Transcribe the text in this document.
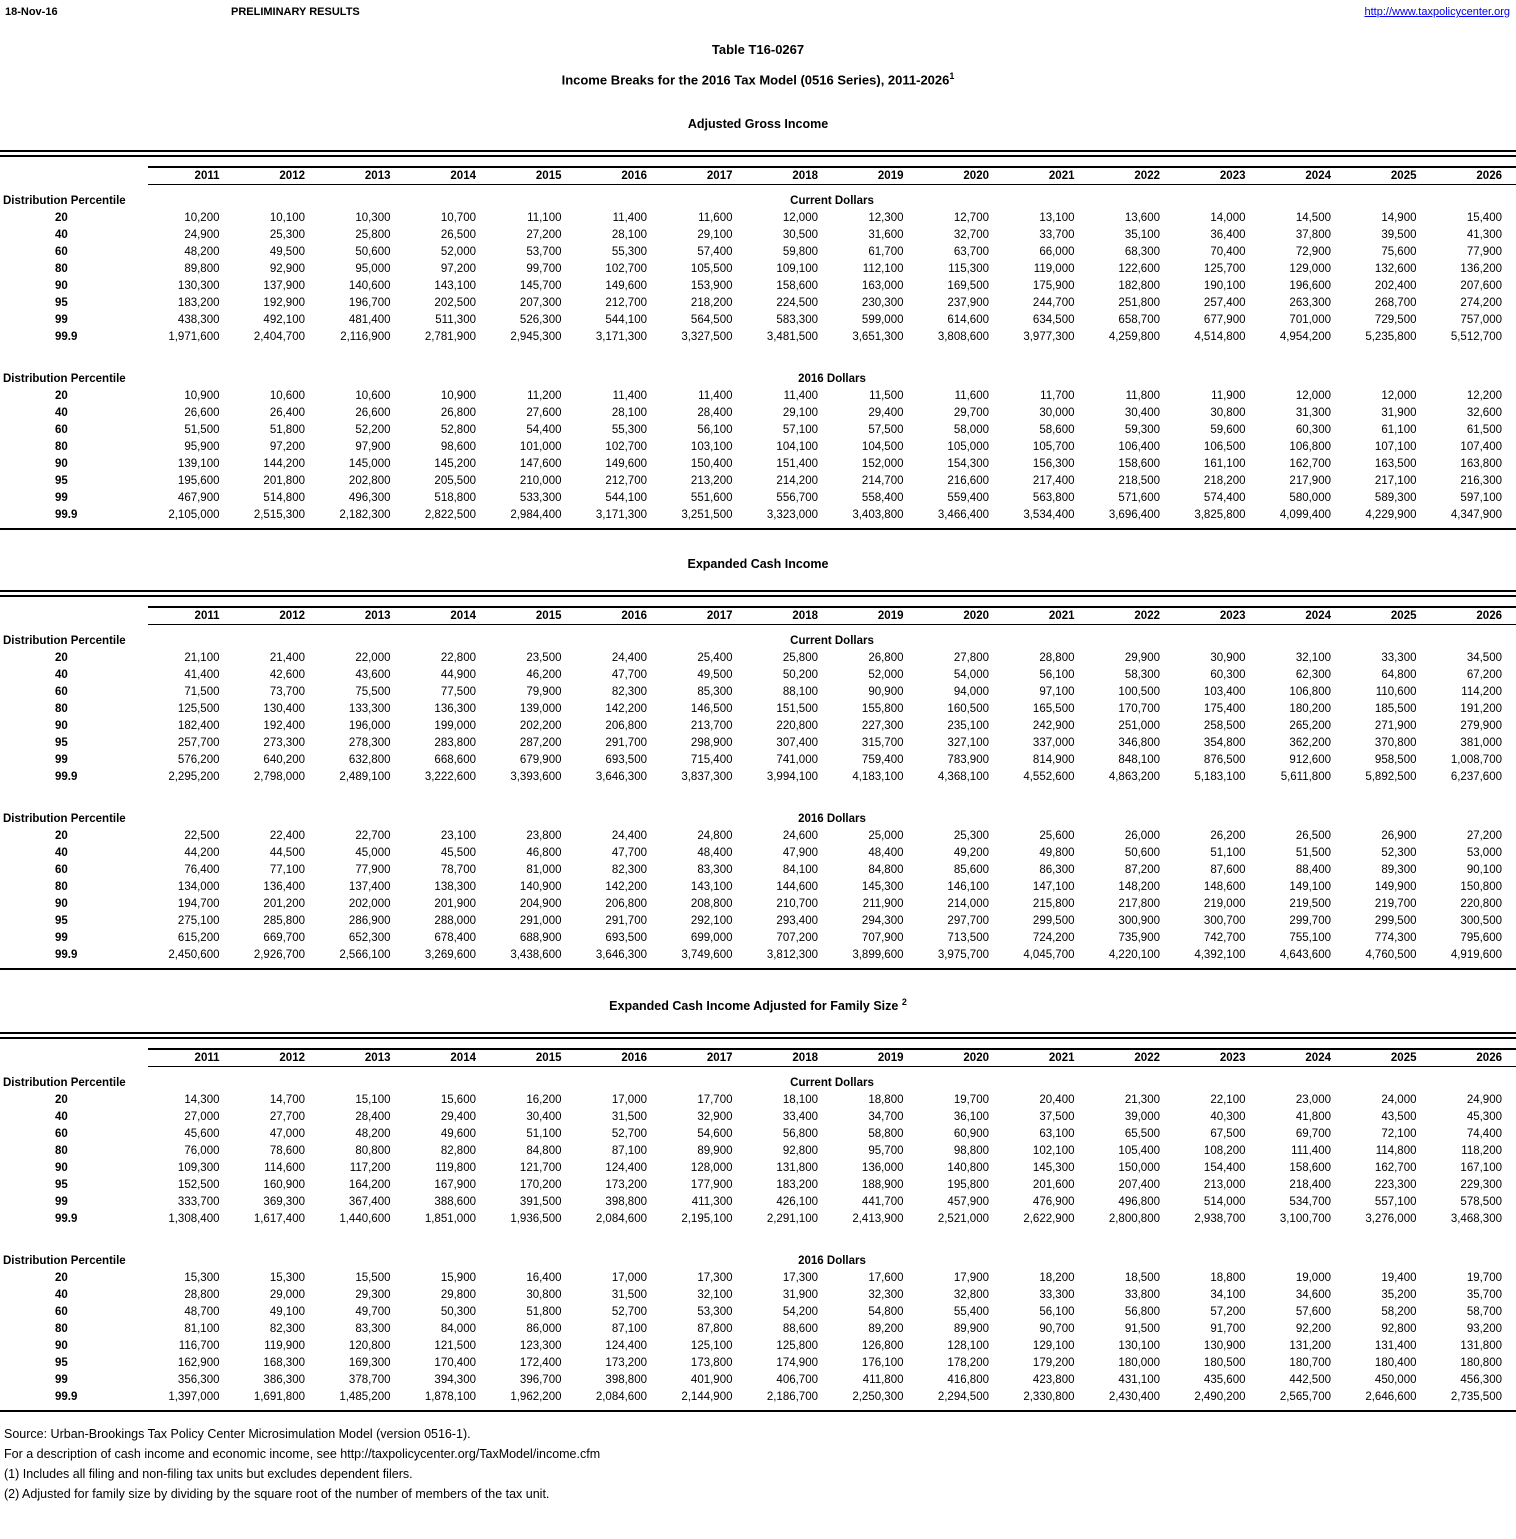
18-Nov-16	PRELIMINARY RESULTS	http://www.taxpolicycenter.org
Table T16-0267
Income Breaks for the 2016 Tax Model (0516 Series), 2011-2026$^1$
Adjusted Gross Income
	2011	2012	2013	2014	2015	2016	2017	2018	2019	2020	2021	2022	2023	2024	2025	2026
Distribution Percentile	Current Dollars															
20	10,200	10,100	10,300	10,700	11,100	11,400	11,600	12,000	12,300	12,700	13,100	13,600	14,000	14,500	14,900	15,400
40	24,900	25,300	25,800	26,500	27,200	28,100	29,100	30,500	31,600	32,700	33,700	35,100	36,400	37,800	39,500	41,300
60	48,200	49,500	50,600	52,000	53,700	55,300	57,400	59,800	61,700	63,700	66,000	68,300	70,400	72,900	75,600	77,900
80	89,800	92,900	95,000	97,200	99,700	102,700	105,500	109,100	112,100	115,300	119,000	122,600	125,700	129,000	132,600	136,200
90	130,300	137,900	140,600	143,100	145,700	149,600	153,900	158,600	163,000	169,500	175,900	182,800	190,100	196,600	202,400	207,600
95	183,200	192,900	196,700	202,500	207,300	212,700	218,200	224,500	230,300	237,900	244,700	251,800	257,400	263,300	268,700	274,200
99	438,300	492,100	481,400	511,300	526,300	544,100	564,500	583,300	599,000	614,600	634,500	658,700	677,900	701,000	729,500	757,000
99.9	1,971,600	2,404,700	2,116,900	2,781,900	2,945,300	3,171,300	3,327,500	3,481,500	3,651,300	3,808,600	3,977,300	4,259,800	4,514,800	4,954,200	5,235,800	5,512,700
Distribution Percentile	2016 Dollars															
20	10,900	10,600	10,600	10,900	11,200	11,400	11,400	11,400	11,500	11,600	11,700	11,800	11,900	12,000	12,000	12,200
40	26,600	26,400	26,600	26,800	27,600	28,100	28,400	29,100	29,400	29,700	30,000	30,400	30,800	31,300	31,900	32,600
60	51,500	51,800	52,200	52,800	54,400	55,300	56,100	57,100	57,500	58,000	58,600	59,300	59,600	60,300	61,100	61,500
80	95,900	97,200	97,900	98,600	101,000	102,700	103,100	104,100	104,500	105,000	105,700	106,400	106,500	106,800	107,100	107,400
90	139,100	144,200	145,000	145,200	147,600	149,600	150,400	151,400	152,000	154,300	156,300	158,600	161,100	162,700	163,500	163,800
95	195,600	201,800	202,800	205,500	210,000	212,700	213,200	214,200	214,700	216,600	217,400	218,500	218,200	217,900	217,100	216,300
99	467,900	514,800	496,300	518,800	533,300	544,100	551,600	556,700	558,400	559,400	563,800	571,600	574,400	580,000	589,300	597,100
99.9	2,105,000	2,515,300	2,182,300	2,822,500	2,984,400	3,171,300	3,251,500	3,323,000	3,403,800	3,466,400	3,534,400	3,696,400	3,825,800	4,099,400	4,229,900	4,347,900
Expanded Cash Income
	2011	2012	2013	2014	2015	2016	2017	2018	2019	2020	2021	2022	2023	2024	2025	2026
Distribution Percentile	Current Dollars															
20	21,100	21,400	22,000	22,800	23,500	24,400	25,400	25,800	26,800	27,800	28,800	29,900	30,900	32,100	33,300	34,500
40	41,400	42,600	43,600	44,900	46,200	47,700	49,500	50,200	52,000	54,000	56,100	58,300	60,300	62,300	64,800	67,200
60	71,500	73,700	75,500	77,500	79,900	82,300	85,300	88,100	90,900	94,000	97,100	100,500	103,400	106,800	110,600	114,200
80	125,500	130,400	133,300	136,300	139,000	142,200	146,500	151,500	155,800	160,500	165,500	170,700	175,400	180,200	185,500	191,200
90	182,400	192,400	196,000	199,000	202,200	206,800	213,700	220,800	227,300	235,100	242,900	251,000	258,500	265,200	271,900	279,900
95	257,700	273,300	278,300	283,800	287,200	291,700	298,900	307,400	315,700	327,100	337,000	346,800	354,800	362,200	370,800	381,000
99	576,200	640,200	632,800	668,600	679,900	693,500	715,400	741,000	759,400	783,900	814,900	848,100	876,500	912,600	958,500	1,008,700
99.9	2,295,200	2,798,000	2,489,100	3,222,600	3,393,600	3,646,300	3,837,300	3,994,100	4,183,100	4,368,100	4,552,600	4,863,200	5,183,100	5,611,800	5,892,500	6,237,600
Distribution Percentile	2016 Dollars															
20	22,500	22,400	22,700	23,100	23,800	24,400	24,800	24,600	25,000	25,300	25,600	26,000	26,200	26,500	26,900	27,200
40	44,200	44,500	45,000	45,500	46,800	47,700	48,400	47,900	48,400	49,200	49,800	50,600	51,100	51,500	52,300	53,000
60	76,400	77,100	77,900	78,700	81,000	82,300	83,300	84,100	84,800	85,600	86,300	87,200	87,600	88,400	89,300	90,100
80	134,000	136,400	137,400	138,300	140,900	142,200	143,100	144,600	145,300	146,100	147,100	148,200	148,600	149,100	149,900	150,800
90	194,700	201,200	202,000	201,900	204,900	206,800	208,800	210,700	211,900	214,000	215,800	217,800	219,000	219,500	219,700	220,800
95	275,100	285,800	286,900	288,000	291,000	291,700	292,100	293,400	294,300	297,700	299,500	300,900	300,700	299,700	299,500	300,500
99	615,200	669,700	652,300	678,400	688,900	693,500	699,000	707,200	707,900	713,500	724,200	735,900	742,700	755,100	774,300	795,600
99.9	2,450,600	2,926,700	2,566,100	3,269,600	3,438,600	3,646,300	3,749,600	3,812,300	3,899,600	3,975,700	4,045,700	4,220,100	4,392,100	4,643,600	4,760,500	4,919,600
Expanded Cash Income Adjusted for Family Size $^2$
	2011	2012	2013	2014	2015	2016	2017	2018	2019	2020	2021	2022	2023	2024	2025	2026
Distribution Percentile	Current Dollars															
20	14,300	14,700	15,100	15,600	16,200	17,000	17,700	18,100	18,800	19,700	20,400	21,300	22,100	23,000	24,000	24,900
40	27,000	27,700	28,400	29,400	30,400	31,500	32,900	33,400	34,700	36,100	37,500	39,000	40,300	41,800	43,500	45,300
60	45,600	47,000	48,200	49,600	51,100	52,700	54,600	56,800	58,800	60,900	63,100	65,500	67,500	69,700	72,100	74,400
80	76,000	78,600	80,800	82,800	84,800	87,100	89,900	92,800	95,700	98,800	102,100	105,400	108,200	111,400	114,800	118,200
90	109,300	114,600	117,200	119,800	121,700	124,400	128,000	131,800	136,000	140,800	145,300	150,000	154,400	158,600	162,700	167,100
95	152,500	160,900	164,200	167,900	170,200	173,200	177,900	183,200	188,900	195,800	201,600	207,400	213,000	218,400	223,300	229,300
99	333,700	369,300	367,400	388,600	391,500	398,800	411,300	426,100	441,700	457,900	476,900	496,800	514,000	534,700	557,100	578,500
99.9	1,308,400	1,617,400	1,440,600	1,851,000	1,936,500	2,084,600	2,195,100	2,291,100	2,413,900	2,521,000	2,622,900	2,800,800	2,938,700	3,100,700	3,276,000	3,468,300
Distribution Percentile	2016 Dollars															
20	15,300	15,300	15,500	15,900	16,400	17,000	17,300	17,300	17,600	17,900	18,200	18,500	18,800	19,000	19,400	19,700
40	28,800	29,000	29,300	29,800	30,800	31,500	32,100	31,900	32,300	32,800	33,300	33,800	34,100	34,600	35,200	35,700
60	48,700	49,100	49,700	50,300	51,800	52,700	53,300	54,200	54,800	55,400	56,100	56,800	57,200	57,600	58,200	58,700
80	81,100	82,300	83,300	84,000	86,000	87,100	87,800	88,600	89,200	89,900	90,700	91,500	91,700	92,200	92,800	93,200
90	116,700	119,900	120,800	121,500	123,300	124,400	125,100	125,800	126,800	128,100	129,100	130,100	130,900	131,200	131,400	131,800
95	162,900	168,300	169,300	170,400	172,400	173,200	173,800	174,900	176,100	178,200	179,200	180,000	180,500	180,700	180,400	180,800
99	356,300	386,300	378,700	394,300	396,700	398,800	401,900	406,700	411,800	416,800	423,800	431,100	435,600	442,500	450,000	456,300
99.9	1,397,000	1,691,800	1,485,200	1,878,100	1,962,200	2,084,600	2,144,900	2,186,700	2,250,300	2,294,500	2,330,800	2,430,400	2,490,200	2,565,700	2,646,600	2,735,500
Source: Urban-Brookings Tax Policy Center Microsimulation Model (version 0516-1).
For a description of cash income and economic income, see http://taxpolicycenter.org/TaxModel/income.cfm
(1) Includes all filing and non-filing tax units but excludes dependent filers.
(2) Adjusted for family size by dividing by the square root of the number of members of the tax unit.
